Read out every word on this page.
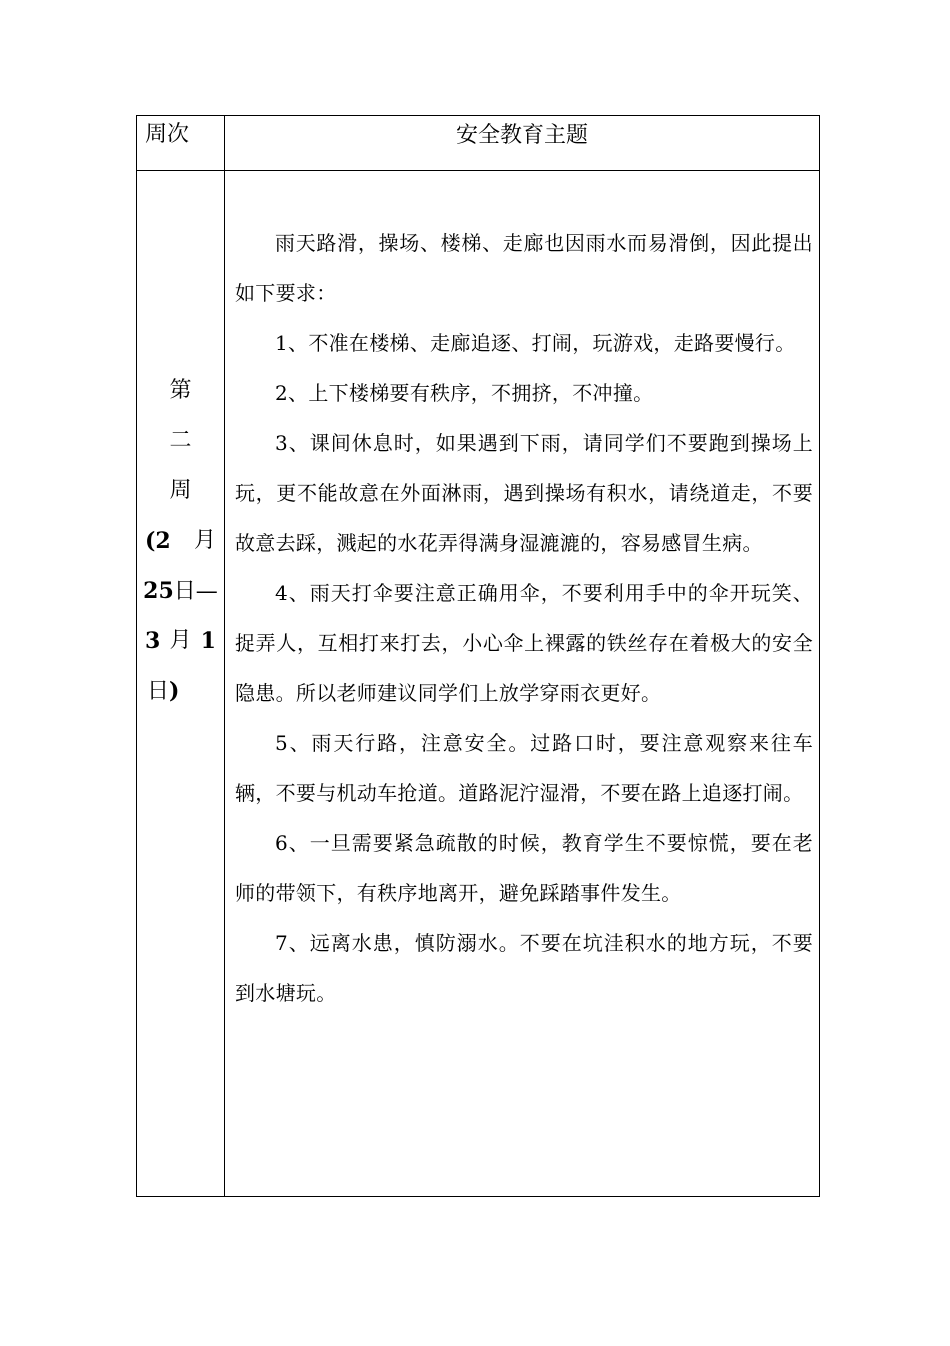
周次	安全教育主题
第
二
周
(2 月
25日—
3 月 1
日)

雨天路滑，操场、楼梯、走廊也因雨水而易滑倒，因此提出如下要求：

1、不准在楼梯、走廊追逐、打闹，玩游戏，走路要慢行。

2、上下楼梯要有秩序，不拥挤，不冲撞。

3、课间休息时，如果遇到下雨，请同学们不要跑到操场上玩，更不能故意在外面淋雨，遇到操场有积水，请绕道走，不要故意去踩，溅起的水花弄得满身湿漉漉的，容易感冒生病。

4、雨天打伞要注意正确用伞，不要利用手中的伞开玩笑、捉弄人，互相打来打去，小心伞上裸露的铁丝存在着极大的安全隐患。所以老师建议同学们上放学穿雨衣更好。

5、雨天行路，注意安全。过路口时，要注意观察来往车辆，不要与机动车抢道。道路泥泞湿滑，不要在路上追逐打闹。

6、一旦需要紧急疏散的时候，教育学生不要惊慌，要在老师的带领下，有秩序地离开，避免踩踏事件发生。

7、远离水患，慎防溺水。不要在坑洼积水的地方玩，不要到水塘玩。
